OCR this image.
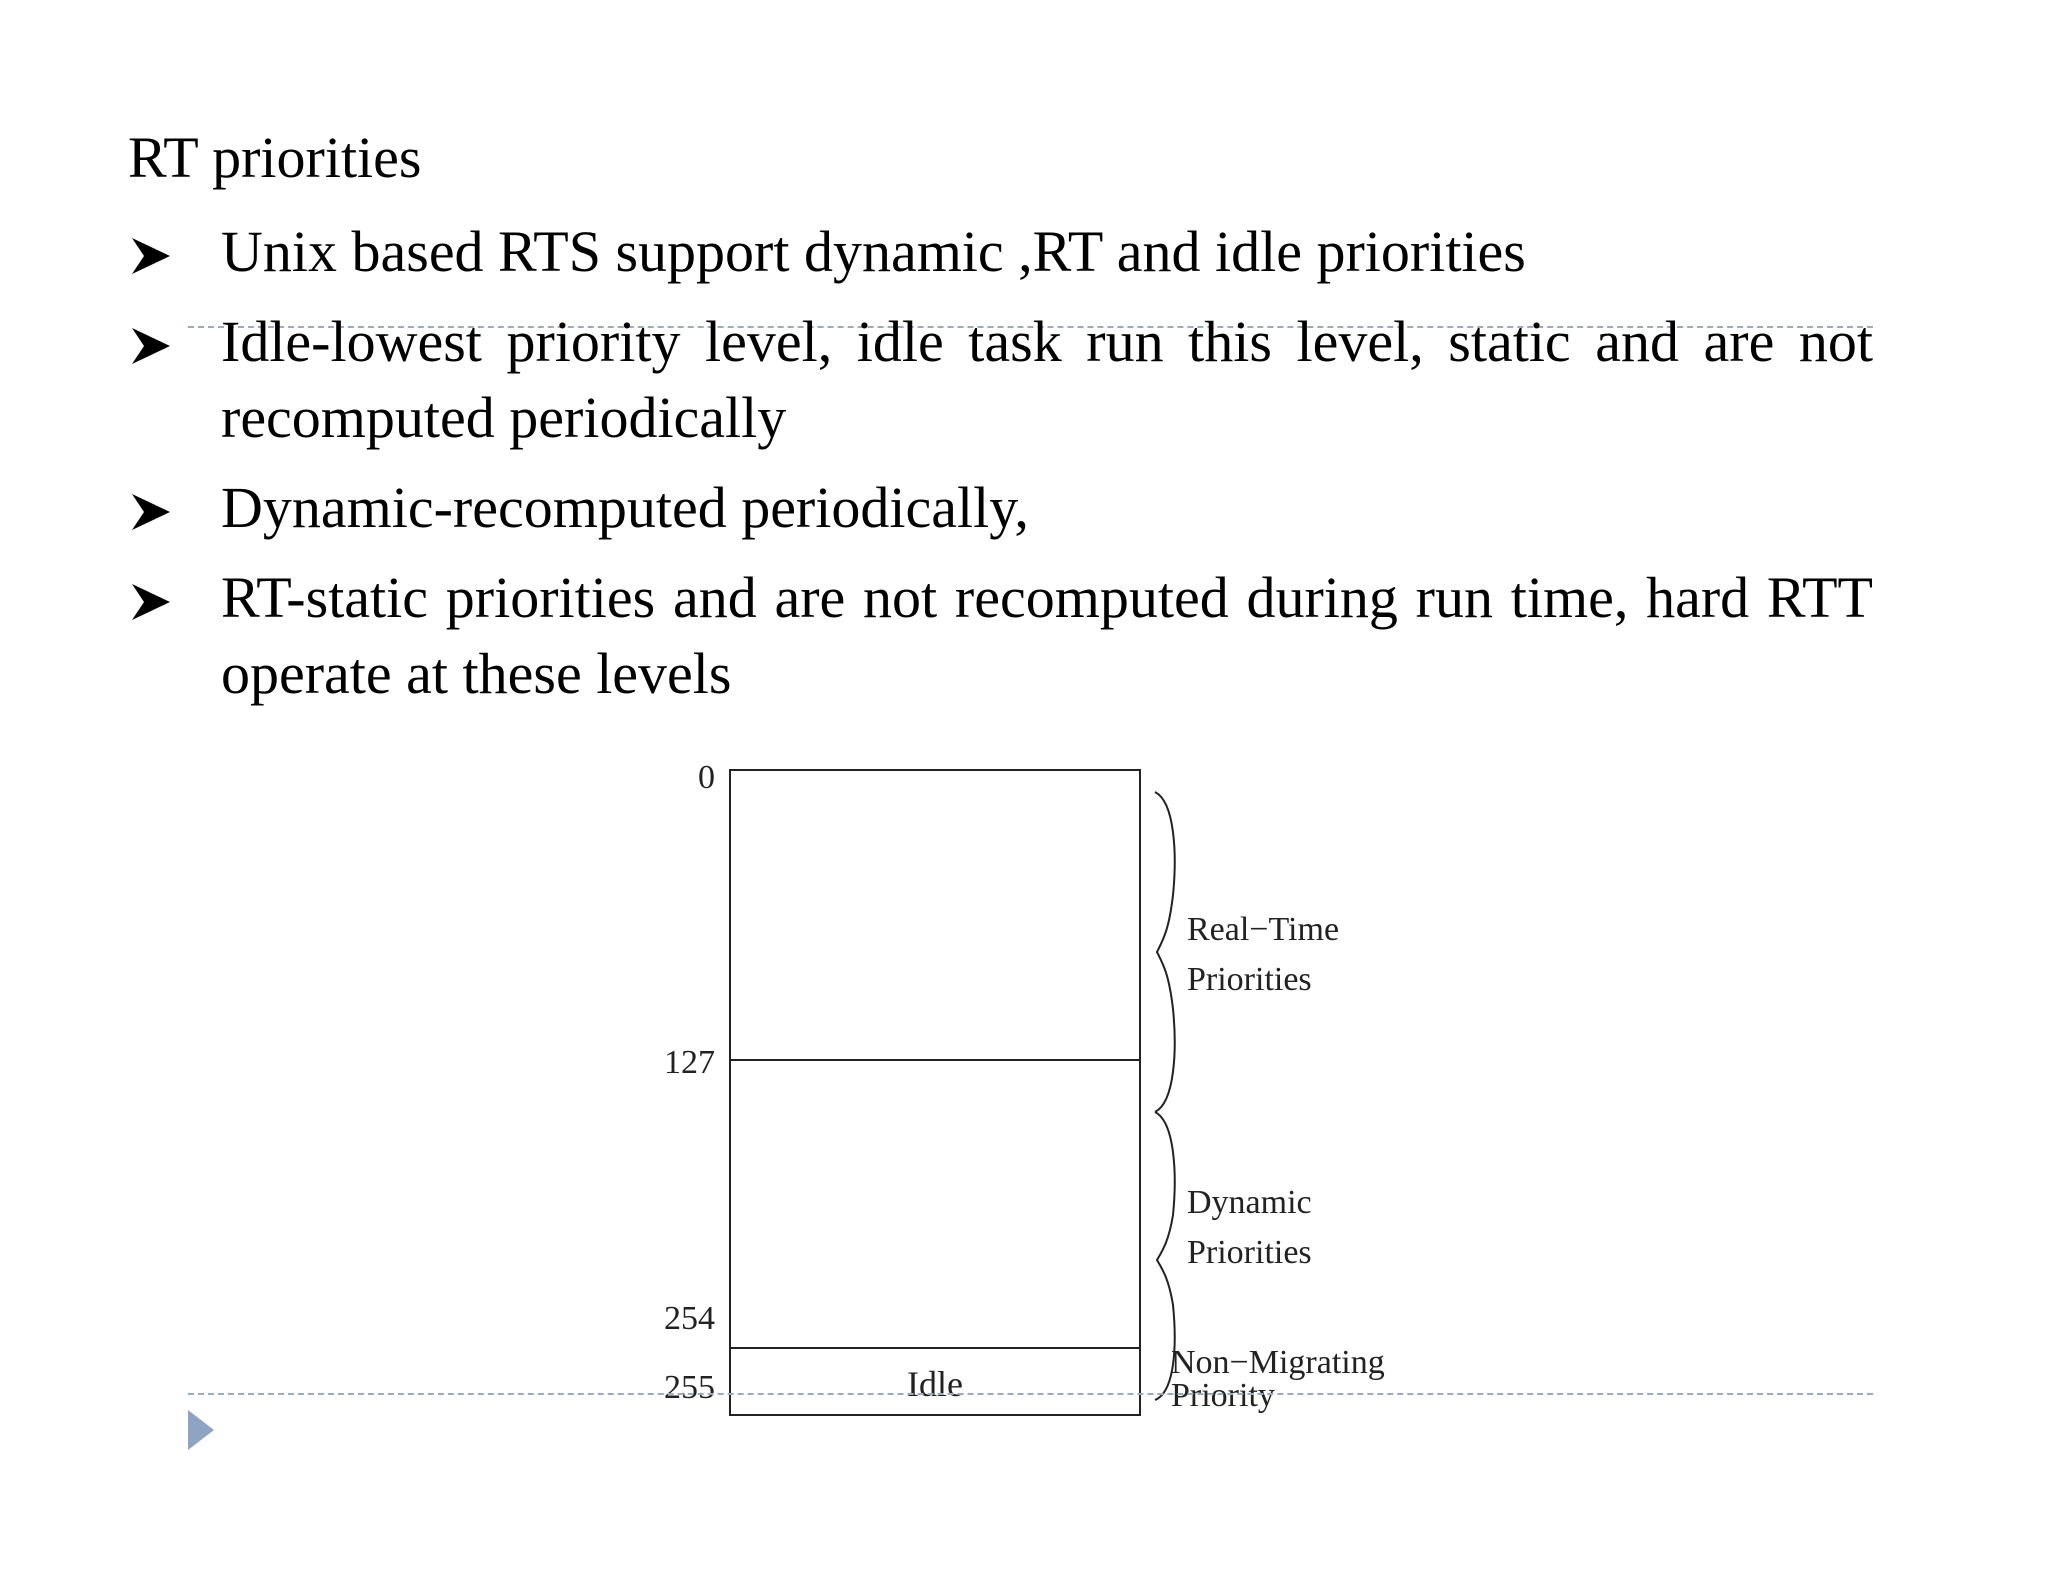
RT priorities
Unix based RTS support dynamic ,RT and idle priorities
Idle-lowest priority level, idle task run this level, static and are not recomputed periodically
Dynamic-recomputed periodically,
RT-static priorities and are not recomputed during run time, hard RTT operate at these levels
0
127
254
255	Idle
Real−Time
Priorities
Dynamic
Priorities
Non−Migrating
Priority
